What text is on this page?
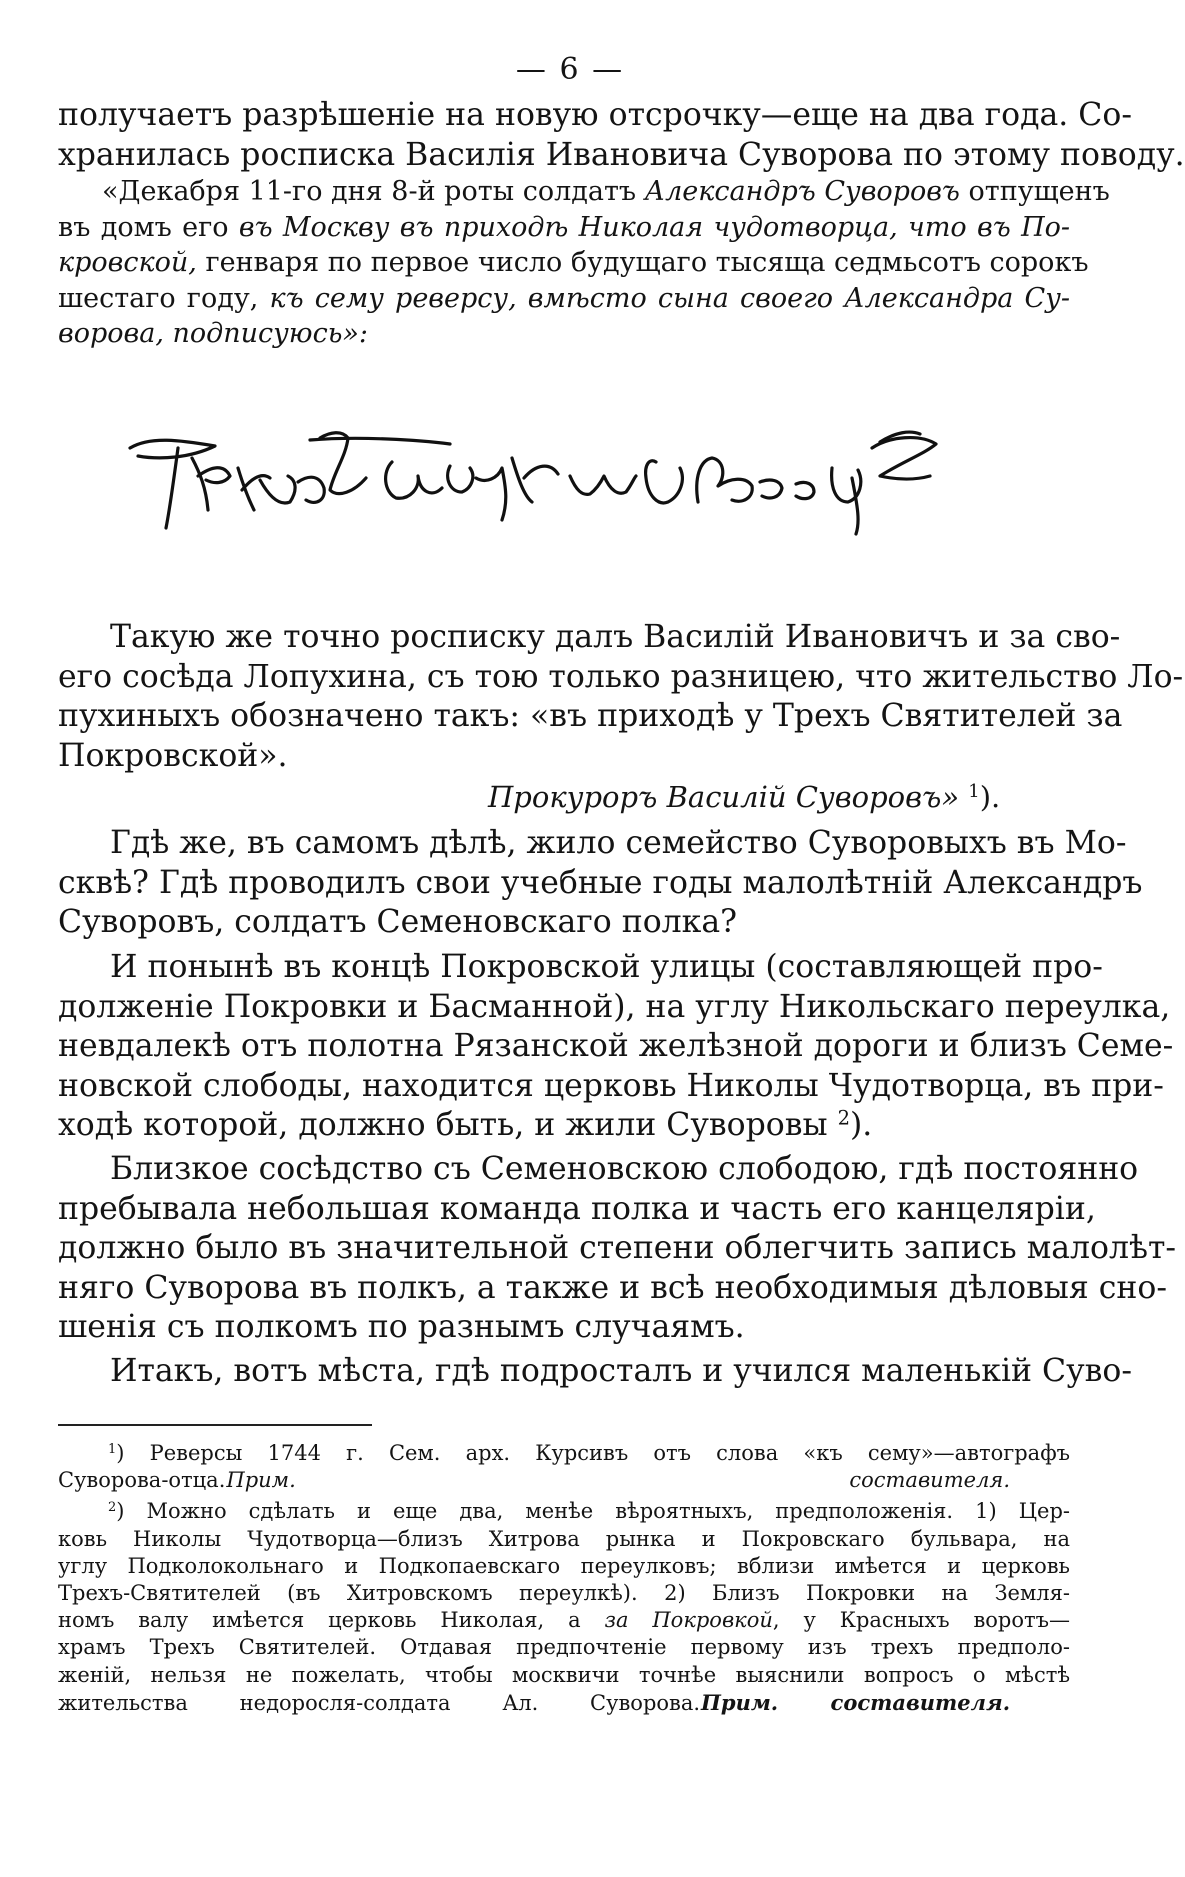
— 6 —
получаетъ разрѣшеніе на новую отсрочку—еще на два года. Со-
хранилась росписка Василія Ивановича Суворова по этому поводу.
«Декабря 11-го дня 8-й роты солдатъ Александръ Суворовъ отпущенъ
въ домъ его въ Москву въ приходѣ Николая чудотворца, что въ По-
кровской, генваря по первое число будущаго тысяща седмьсотъ сорокъ
шестаго году, къ сему реверсу, вмѣсто сына своего Александра Су-
ворова, подписуюсь»:
Такую же точно росписку далъ Василій Ивановичъ и за сво-
его сосѣда Лопухина, съ тою только разницею, что жительство Ло-
пухиныхъ обозначено такъ: «въ приходѣ у Трехъ Святителей за
Покровской».
Прокуроръ Василій Суворовъ» $^1$).
Гдѣ же, въ самомъ дѣлѣ, жило семейство Суворовыхъ въ Мо-
сквѣ? Гдѣ проводилъ свои учебные годы малолѣтній Александръ
Суворовъ, солдатъ Семеновскаго полка?
И понынѣ въ концѣ Покровской улицы (составляющей про-
долженіе Покровки и Басманной), на углу Никольскаго переулка,
невдалекѣ отъ полотна Рязанской желѣзной дороги и близъ Семе-
новской слободы, находится церковь Николы Чудотворца, въ при-
ходѣ которой, должно быть, и жили Суворовы $^2$).
Близкое сосѣдство съ Семеновскою слободою, гдѣ постоянно
пребывала небольшая команда полка и часть его канцеляріи,
должно было въ значительной степени облегчить запись малолѣт-
няго Суворова въ полкъ, а также и всѣ необходимыя дѣловыя сно-
шенія съ полкомъ по разнымъ случаямъ.
Итакъ, вотъ мѣста, гдѣ подросталъ и учился маленькій Суво-
$^1$) Реверсы 1744 г. Сем. арх. Курсивъ отъ слова «къ сему»—автографъ
Суворова-отца.Прим. составителя.
$^2$) Можно сдѣлать и еще два, менѣе вѣроятныхъ, предположенія. 1) Цер-
ковь Николы Чудотворца—близъ Хитрова рынка и Покровскаго бульвара, на
углу Подколокольнаго и Подкопаевскаго переулковъ; вблизи имѣется и церковь
Трехъ-Святителей (въ Хитровскомъ переулкѣ). 2) Близъ Покровки на Земля-
номъ валу имѣется церковь Николая, а за Покровкой, у Красныхъ воротъ—
храмъ Трехъ Святителей. Отдавая предпочтеніе первому изъ трехъ предполо-
женій, нельзя не пожелать, чтобы москвичи точнѣе выяснили вопросъ о мѣстѣ
жительства недоросля-солдата Ал. Суворова.Прим. составителя.
